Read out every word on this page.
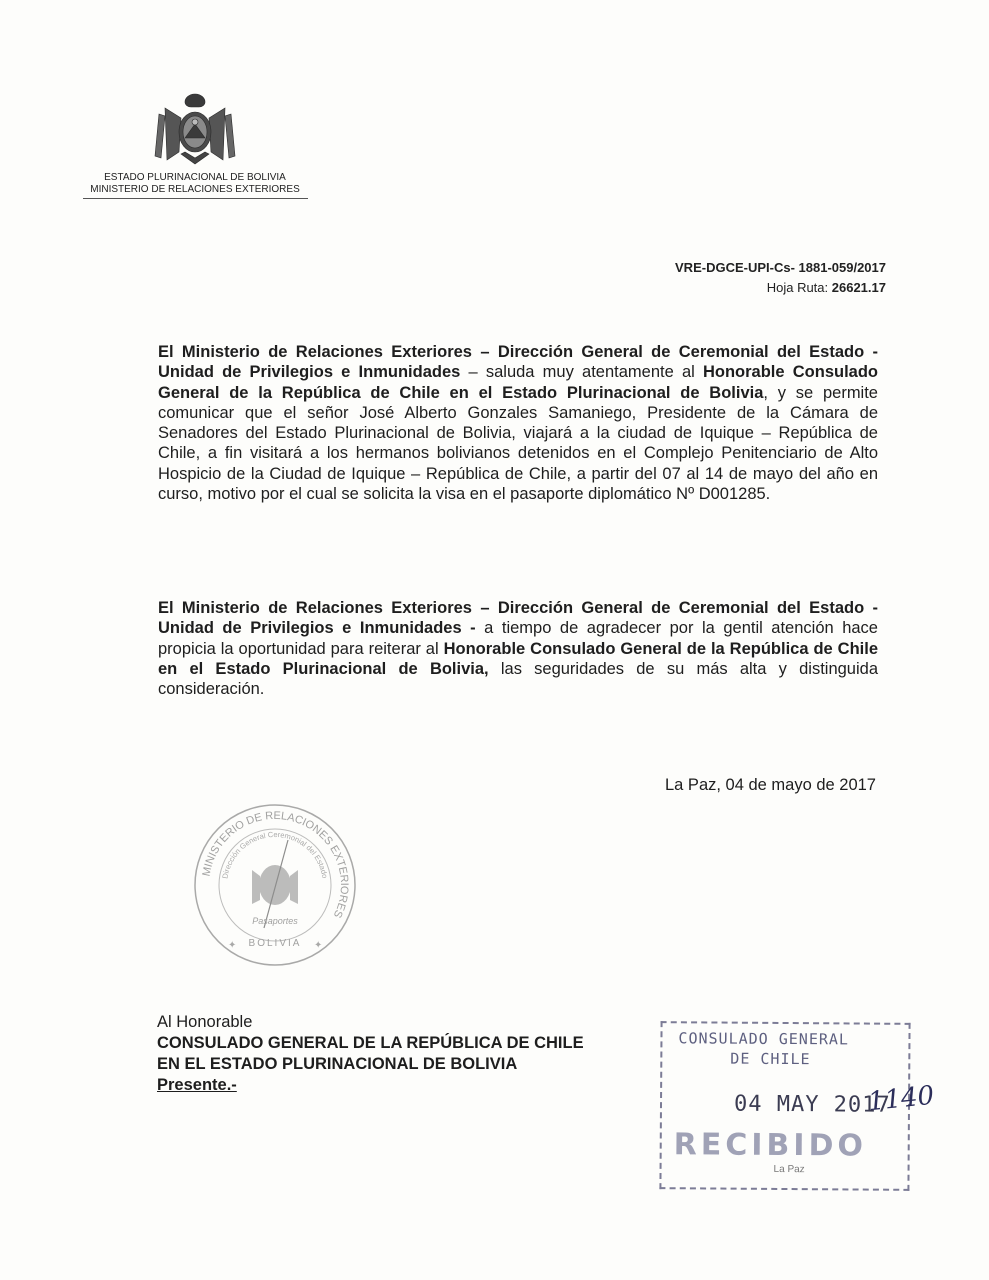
ESTADO PLURINACIONAL DE BOLIVIA
MINISTERIO DE RELACIONES EXTERIORES
VRE-DGCE-UPI-Cs- 1881-059/2017
Hoja Ruta: 26621.17
El Ministerio de Relaciones Exteriores – Dirección General de Ceremonial del Estado - Unidad de Privilegios e Inmunidades – saluda muy atentamente al Honorable Consulado General de la República de Chile en el Estado Plurinacional de Bolivia, y se permite comunicar que el señor José Alberto Gonzales Samaniego, Presidente de la Cámara de Senadores del Estado Plurinacional de Bolivia, viajará a la ciudad de Iquique – República de Chile, a fin visitará a los hermanos bolivianos detenidos en el Complejo Penitenciario de Alto Hospicio de la Ciudad de Iquique – República de Chile, a partir del 07 al 14 de mayo del año en curso, motivo por el cual se solicita la visa en el pasaporte diplomático Nº D001285.
El Ministerio de Relaciones Exteriores – Dirección General de Ceremonial del Estado - Unidad de Privilegios e Inmunidades - a tiempo de agradecer por la gentil atención hace propicia la oportunidad para reiterar al Honorable Consulado General de la República de Chile en el Estado Plurinacional de Bolivia, las seguridades de su más alta y distinguida consideración.
La Paz, 04 de mayo de 2017
MINISTERIO DE RELACIONES EXTERIORES
Dirección General Ceremonial del Estado
Pasaportes
BOLIVIA
✦	✦
Al Honorable
CONSULADO GENERAL DE LA REPÚBLICA DE CHILE
EN EL ESTADO PLURINACIONAL DE BOLIVIA
Presente.-
CONSULADO GENERAL
DE CHILE
04 MAY 2017
RECIBIDO
La Paz
1140
